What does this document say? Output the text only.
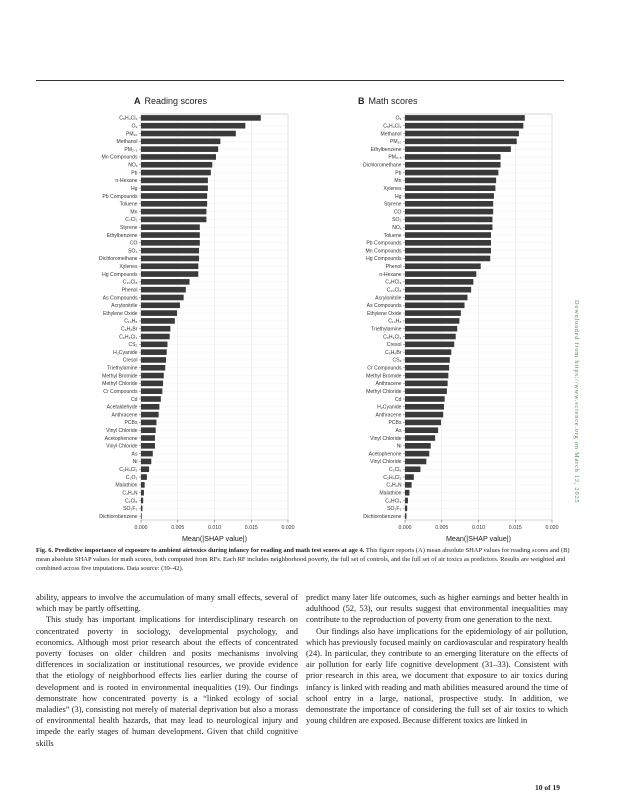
A Reading scores	B Math scores
0.000	0.005	0.010	0.015	0.020
C₆H₄Cl₂
O₃
PM₁₀
Methanol
PM₂.₅
Mn Compounds
NOₓ
Pb
n-Hexane
Hg
Pb Compounds
Toluene
Mn
C₇Cl₂
Styrene
Ethylbenzene
CO
SO₂
Dichloromethane
Xylenes
Hg Compounds
C₂₀Cl₈
Phenol
As Compounds
Acrylonitrile
Ethylene Oxide
C₁₀H₈
C₆H₆Br
C₆H₃Cl₃
CS₂
H₂Cyanide
Cresol
Triethylamine
Methyl Bromide
Methyl Chloride
Cr Compounds
Cd
Acetaldehyde
Anthracene
PCBs
Vinyl Chloride
Acetophenone
Vinyl Chloride
As
Ni
C₂H₄Cl₂
C₂O₃
Malathion
C₂H₃N
C₂Cl₆
SO₂F₂
Dichlorobenzene
Mean(|SHAP value|)
0.000	0.005	0.010	0.015	0.020
O₃
C₆H₄Cl₂
Methanol
PM₁₀
Ethylbenzene
PM₂.₅
Dichloromethane
Pb
Mn
Xylenes
Hg
Styrene
CO
SO₂
NOₓ
Toluene
Pb Compounds
Mn Compounds
Hg Compounds
Phenol
n-Hexane
C₂HCl₃
C₂₀Cl₈
Acrylonitrile
As Compounds
Ethylene Oxide
C₁₀H₈
Triethylamine
C₆H₃Cl₃
Cresol
C₆H₆Br
CS₂
Cr Compounds
Methyl Bromide
Anthracene
Methyl Chloride
Cd
H₂Cyanide
Anthracene
PCBs
As
Vinyl Chloride
Ni
Acetophenone
Vinyl Chloride
C₂Cl₆
C₂H₄Cl₂
C₂H₃N
Malathion
C₂HCl₃
SO₂F₂
Dichlorobenzene
Mean(|SHAP value|)
Downloaded from https://www.science.org on March 12, 2025
Fig. 6. Predictive importance of exposure to ambient airtoxics during infancy for reading and math test scores at age 4. This figure reports (A) mean absolute SHAP values for reading scores and (B) mean absolute SHAP values for math scores, both computed from RFs. Each RF includes neighborhood poverty, the full set of controls, and the full set of air toxics as predictors. Results are weighted and combined across five imputations. Data source: (39–42).

ability, appears to involve the accumulation of many small effects, several of which may be partly offsetting.

This study has important implications for interdisciplinary research on concentrated poverty in sociology, developmental psychology, and economics. Although most prior research about the effects of concentrated poverty focuses on older children and posits mechanisms involving differences in socialization or institutional resources, we provide evidence that the etiology of neighborhood effects lies earlier during the course of development and is rooted in environmental inequalities (19). Our findings demonstrate how concentrated poverty is a “linked ecology of social maladies” (3), consisting not merely of material deprivation but also a morass of environmental health hazards, that may lead to neurological injury and impede the early stages of human development. Given that child cognitive skills

predict many later life outcomes, such as higher earnings and better health in adulthood (52, 53), our results suggest that environmental inequalities may contribute to the reproduction of poverty from one generation to the next.

Our findings also have implications for the epidemiology of air pollution, which has previously focused mainly on cardiovascular and respiratory health (24). In particular, they contribute to an emerging literature on the effects of air pollution for early life cognitive development (31–33). Consistent with prior research in this area, we document that exposure to air toxics during infancy is linked with reading and math abilities measured around the time of school entry in a large, national, prospective study. In addition, we demonstrate the importance of considering the full set of air toxics to which young children are exposed. Because different toxics are linked in

10 of 19
